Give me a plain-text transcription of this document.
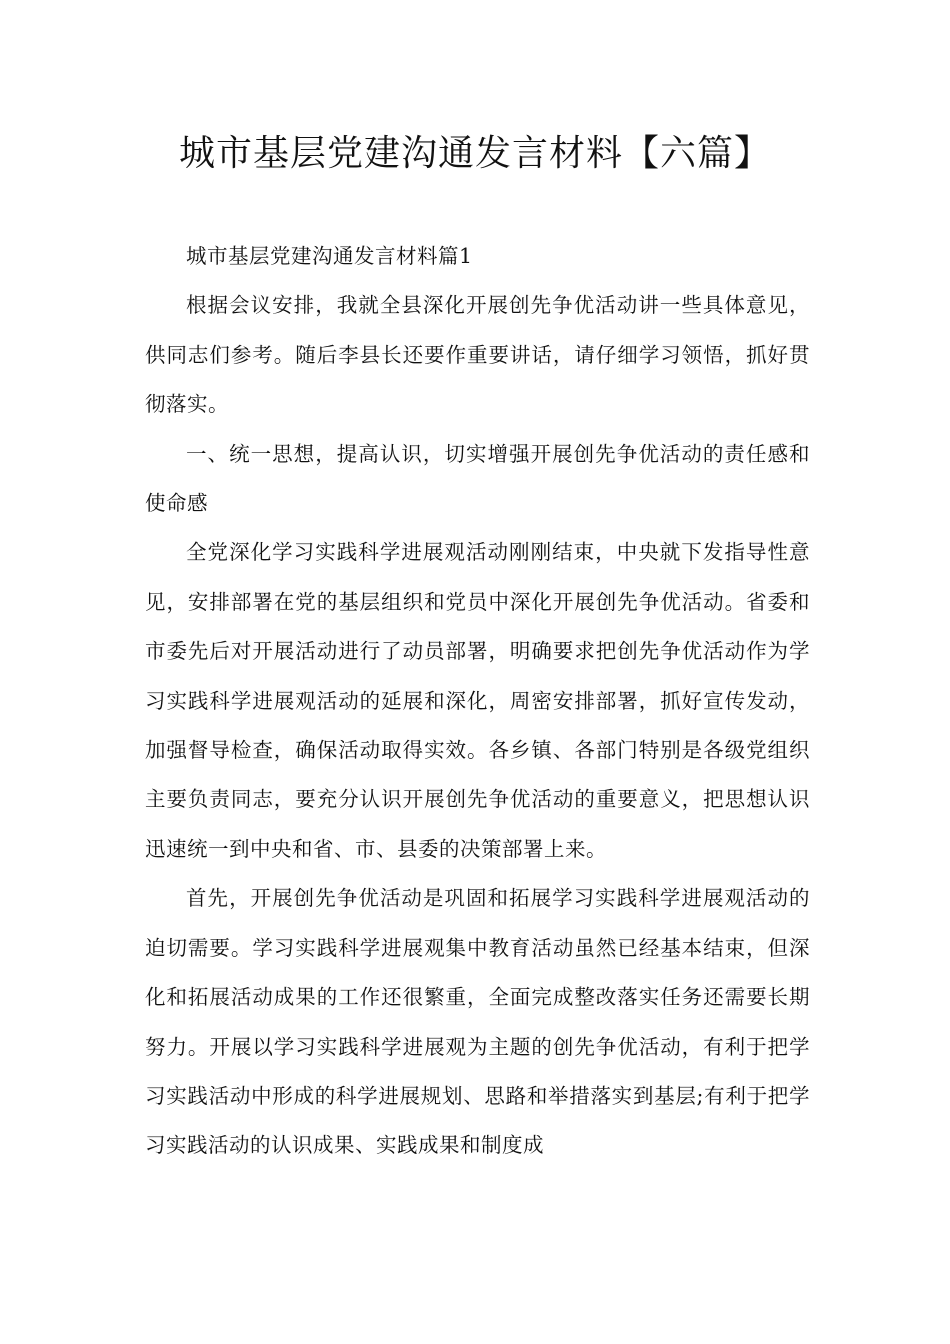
城市基层党建沟通发言材料【六篇】

城市基层党建沟通发言材料篇1

根据会议安排，我就全县深化开展创先争优活动讲一些具体意见，供同志们参考。随后李县长还要作重要讲话，请仔细学习领悟，抓好贯彻落实。

一、统一思想，提高认识，切实增强开展创先争优活动的责任感和使命感

全党深化学习实践科学进展观活动刚刚结束，中央就下发指导性意见，安排部署在党的基层组织和党员中深化开展创先争优活动。省委和市委先后对开展活动进行了动员部署，明确要求把创先争优活动作为学习实践科学进展观活动的延展和深化，周密安排部署，抓好宣传发动，加强督导检查，确保活动取得实效。各乡镇、各部门特别是各级党组织主要负责同志，要充分认识开展创先争优活动的重要意义，把思想认识迅速统一到中央和省、市、县委的决策部署上来。

首先，开展创先争优活动是巩固和拓展学习实践科学进展观活动的迫切需要。学习实践科学进展观集中教育活动虽然已经基本结束，但深化和拓展活动成果的工作还很繁重，全面完成整改落实任务还需要长期努力。开展以学习实践科学进展观为主题的创先争优活动，有利于把学习实践活动中形成的科学进展规划、思路和举措落实到基层;有利于把学习实践活动的认识成果、实践成果和制度成
